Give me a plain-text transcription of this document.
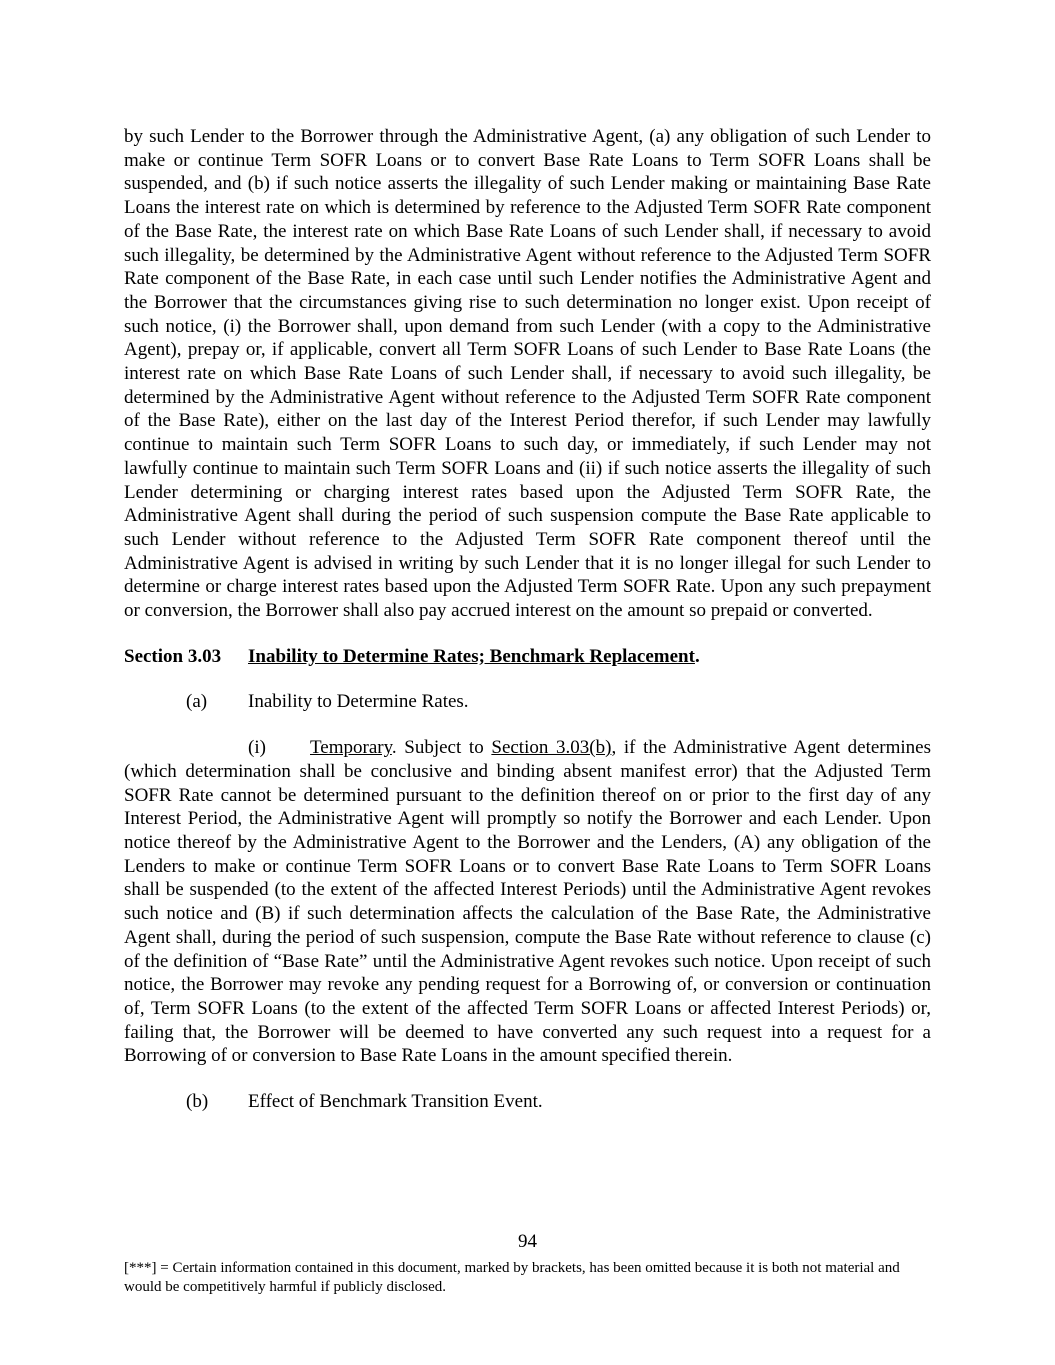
by such Lender to the Borrower through the Administrative Agent, (a) any obligation of such Lender to make or continue Term SOFR Loans or to convert Base Rate Loans to Term SOFR Loans shall be suspended, and (b) if such notice asserts the illegality of such Lender making or maintaining Base Rate Loans the interest rate on which is determined by reference to the Adjusted Term SOFR Rate component of the Base Rate, the interest rate on which Base Rate Loans of such Lender shall, if necessary to avoid such illegality, be determined by the Administrative Agent without reference to the Adjusted Term SOFR Rate component of the Base Rate, in each case until such Lender notifies the Administrative Agent and the Borrower that the circumstances giving rise to such determination no longer exist. Upon receipt of such notice, (i) the Borrower shall, upon demand from such Lender (with a copy to the Administrative Agent), prepay or, if applicable, convert all Term SOFR Loans of such Lender to Base Rate Loans (the interest rate on which Base Rate Loans of such Lender shall, if necessary to avoid such illegality, be determined by the Administrative Agent without reference to the Adjusted Term SOFR Rate component of the Base Rate), either on the last day of the Interest Period therefor, if such Lender may lawfully continue to maintain such Term SOFR Loans to such day, or immediately, if such Lender may not lawfully continue to maintain such Term SOFR Loans and (ii) if such notice asserts the illegality of such Lender determining or charging interest rates based upon the Adjusted Term SOFR Rate, the Administrative Agent shall during the period of such suspension compute the Base Rate applicable to such Lender without reference to the Adjusted Term SOFR Rate component thereof until the Administrative Agent is advised in writing by such Lender that it is no longer illegal for such Lender to determine or charge interest rates based upon the Adjusted Term SOFR Rate. Upon any such prepayment or conversion, the Borrower shall also pay accrued interest on the amount so prepaid or converted.

Section 3.03 Inability to Determine Rates; Benchmark Replacement.
(a) Inability to Determine Rates.

(i) Temporary. Subject to Section 3.03(b), if the Administrative Agent determines (which determination shall be conclusive and binding absent manifest error) that the Adjusted Term SOFR Rate cannot be determined pursuant to the definition thereof on or prior to the first day of any Interest Period, the Administrative Agent will promptly so notify the Borrower and each Lender. Upon notice thereof by the Administrative Agent to the Borrower and the Lenders, (A) any obligation of the Lenders to make or continue Term SOFR Loans or to convert Base Rate Loans to Term SOFR Loans shall be suspended (to the extent of the affected Interest Periods) until the Administrative Agent revokes such notice and (B) if such determination affects the calculation of the Base Rate, the Administrative Agent shall, during the period of such suspension, compute the Base Rate without reference to clause (c) of the definition of “Base Rate” until the Administrative Agent revokes such notice. Upon receipt of such notice, the Borrower may revoke any pending request for a Borrowing of, or conversion or continuation of, Term SOFR Loans (to the extent of the affected Term SOFR Loans or affected Interest Periods) or, failing that, the Borrower will be deemed to have converted any such request into a request for a Borrowing of or conversion to Base Rate Loans in the amount specified therein.

(b) Effect of Benchmark Transition Event.
94
[***] = Certain information contained in this document, marked by brackets, has been omitted because it is both not material and would be competitively harmful if publicly disclosed.
